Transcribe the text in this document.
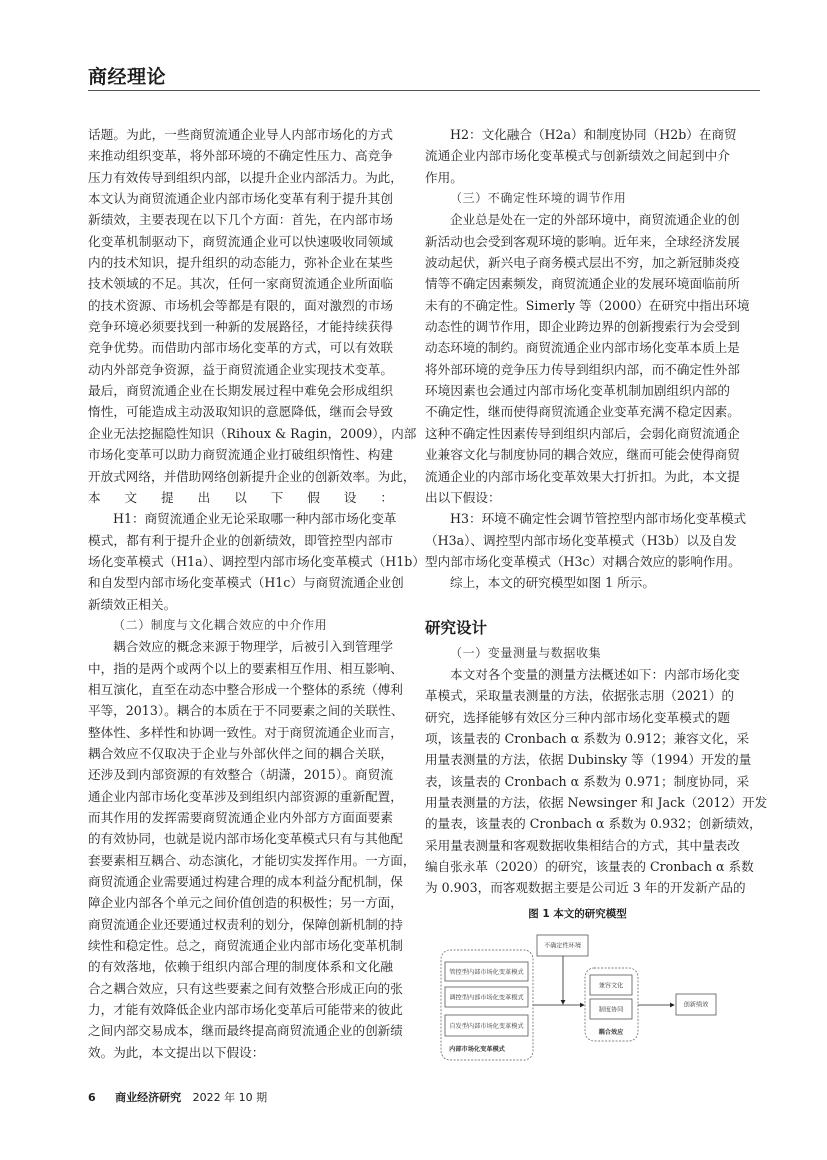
商经理论
话题。为此，一些商贸流通企业导人内部市场化的方式
来推动组织变革，将外部环境的不确定性压力、高竞争
压力有效传导到组织内部，以提升企业内部活力。为此，
本文认为商贸流通企业内部市场化变革有利于提升其创
新绩效，主要表现在以下几个方面：首先，在内部市场
化变革机制驱动下，商贸流通企业可以快速吸收同领域
内的技术知识，提升组织的动态能力，弥补企业在某些
技术领域的不足。其次，任何一家商贸流通企业所面临
的技术资源、市场机会等都是有限的，面对激烈的市场
竞争环境必须要找到一种新的发展路径，才能持续获得
竞争优势。而借助内部市场化变革的方式，可以有效联
动内外部竞争资源，益于商贸流通企业实现技术变革。
最后，商贸流通企业在长期发展过程中难免会形成组织
惰性，可能造成主动汲取知识的意愿降低，继而会导致
企业无法挖掘隐性知识（Rihoux & Ragin，2009），内部
市场化变革可以助力商贸流通企业打破组织惰性、构建
开放式网络，并借助网络创新提升企业的创新效率。为此，
本文提出以下假设：
H1：商贸流通企业无论采取哪一种内部市场化变革
模式，都有利于提升企业的创新绩效，即管控型内部市
场化变革模式（H1a）、调控型内部市场化变革模式（H1b）
和自发型内部市场化变革模式（H1c）与商贸流通企业创
新绩效正相关。
（二）制度与文化耦合效应的中介作用
耦合效应的概念来源于物理学，后被引入到管理学
中，指的是两个或两个以上的要素相互作用、相互影响、
相互演化，直至在动态中整合形成一个整体的系统（傅利
平等，2013）。耦合的本质在于不同要素之间的关联性、
整体性、多样性和协调一致性。对于商贸流通企业而言，
耦合效应不仅取决于企业与外部伙伴之间的耦合关联，
还涉及到内部资源的有效整合（胡潇，2015）。商贸流
通企业内部市场化变革涉及到组织内部资源的重新配置，
而其作用的发挥需要商贸流通企业内外部方方面面要素
的有效协同，也就是说内部市场化变革模式只有与其他配
套要素相互耦合、动态演化，才能切实发挥作用。一方面，
商贸流通企业需要通过构建合理的成本利益分配机制，保
障企业内部各个单元之间价值创造的积极性；另一方面，
商贸流通企业还要通过权责利的划分，保障创新机制的持
续性和稳定性。总之，商贸流通企业内部市场化变革机制
的有效落地，依赖于组织内部合理的制度体系和文化融
合之耦合效应，只有这些要素之间有效整合形成正向的张
力，才能有效降低企业内部市场化变革后可能带来的彼此
之间内部交易成本，继而最终提高商贸流通企业的创新绩
效。为此，本文提出以下假设：
H2：文化融合（H2a）和制度协同（H2b）在商贸
流通企业内部市场化变革模式与创新绩效之间起到中介
作用。
（三）不确定性环境的调节作用
企业总是处在一定的外部环境中，商贸流通企业的创
新活动也会受到客观环境的影响。近年来，全球经济发展
波动起伏，新兴电子商务模式层出不穷，加之新冠肺炎疫
情等不确定因素频发，商贸流通企业的发展环境面临前所
未有的不确定性。Simerly 等（2000）在研究中指出环境
动态性的调节作用，即企业跨边界的创新搜索行为会受到
动态环境的制约。商贸流通企业内部市场化变革本质上是
将外部环境的竞争压力传导到组织内部，而不确定性外部
环境因素也会通过内部市场化变革机制加剧组织内部的
不确定性，继而使得商贸流通企业变革充满不稳定因素。
这种不确定性因素传导到组织内部后，会弱化商贸流通企
业兼容文化与制度协同的耦合效应，继而可能会使得商贸
流通企业的内部市场化变革效果大打折扣。为此，本文提
出以下假设：
H3：环境不确定性会调节管控型内部市场化变革模式
（H3a）、调控型内部市场化变革模式（H3b）以及自发
型内部市场化变革模式（H3c）对耦合效应的影响作用。
综上，本文的研究模型如图 1 所示。
研究设计
（一）变量测量与数据收集
本文对各个变量的测量方法概述如下：内部市场化变
革模式，采取量表测量的方法，依据张志朋（2021）的
研究，选择能够有效区分三种内部市场化变革模式的题
项，该量表的 Cronbach α 系数为 0.912；兼容文化，采
用量表测量的方法，依据 Dubinsky 等（1994）开发的量
表，该量表的 Cronbach α 系数为 0.971；制度协同，采
用量表测量的方法，依据 Newsinger 和 Jack（2012）开发
的量表，该量表的 Cronbach α 系数为 0.932；创新绩效，
采用量表测量和客观数据收集相结合的方式，其中量表改
编自张永革（2020）的研究，该量表的 Cronbach α 系数
为 0.903，而客观数据主要是公司近 3 年的开发新产品的
图 1 本文的研究模型
不确定性环境
管控型内部市场化变革模式
调控型内部市场化变革模式
自发型内部市场化变革模式
内部市场化变革模式
兼容文化
制度协同
耦合效应
创新绩效
6 商业经济研究 2022 年 10 期
